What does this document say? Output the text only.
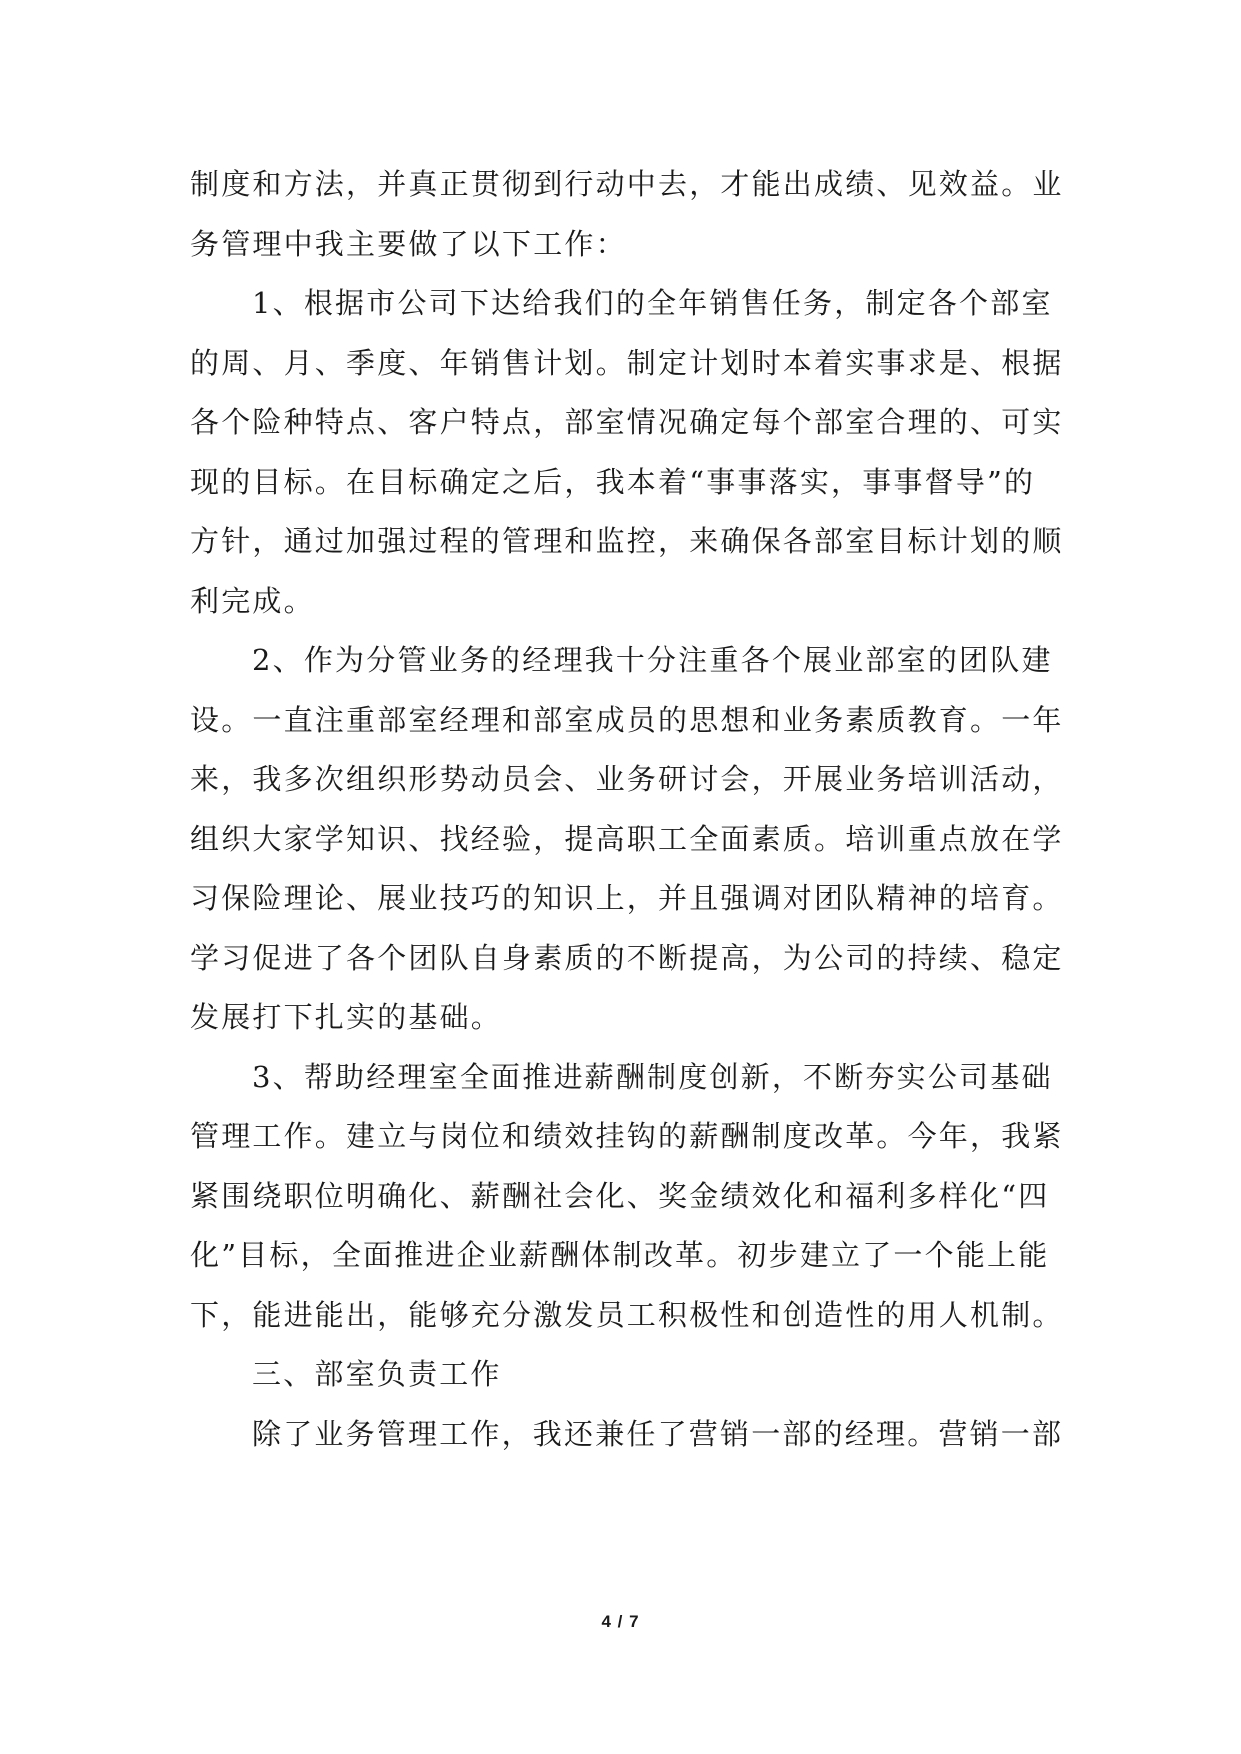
制度和方法，并真正贯彻到行动中去，才能出成绩、见效益。业
务管理中我主要做了以下工作：
1、根据市公司下达给我们的全年销售任务，制定各个部室
的周、月、季度、年销售计划。制定计划时本着实事求是、根据
各个险种特点、客户特点，部室情况确定每个部室合理的、可实
现的目标。在目标确定之后，我本着“事事落实，事事督导”的
方针，通过加强过程的管理和监控，来确保各部室目标计划的顺
利完成。
2、作为分管业务的经理我十分注重各个展业部室的团队建
设。一直注重部室经理和部室成员的思想和业务素质教育。一年
来，我多次组织形势动员会、业务研讨会，开展业务培训活动，
组织大家学知识、找经验，提高职工全面素质。培训重点放在学
习保险理论、展业技巧的知识上，并且强调对团队精神的培育。
学习促进了各个团队自身素质的不断提高，为公司的持续、稳定
发展打下扎实的基础。
3、帮助经理室全面推进薪酬制度创新，不断夯实公司基础
管理工作。建立与岗位和绩效挂钩的薪酬制度改革。今年，我紧
紧围绕职位明确化、薪酬社会化、奖金绩效化和福利多样化“四
化”目标，全面推进企业薪酬体制改革。初步建立了一个能上能
下，能进能出，能够充分激发员工积极性和创造性的用人机制。
三、部室负责工作
除了业务管理工作，我还兼任了营销一部的经理。营销一部
4 / 7
